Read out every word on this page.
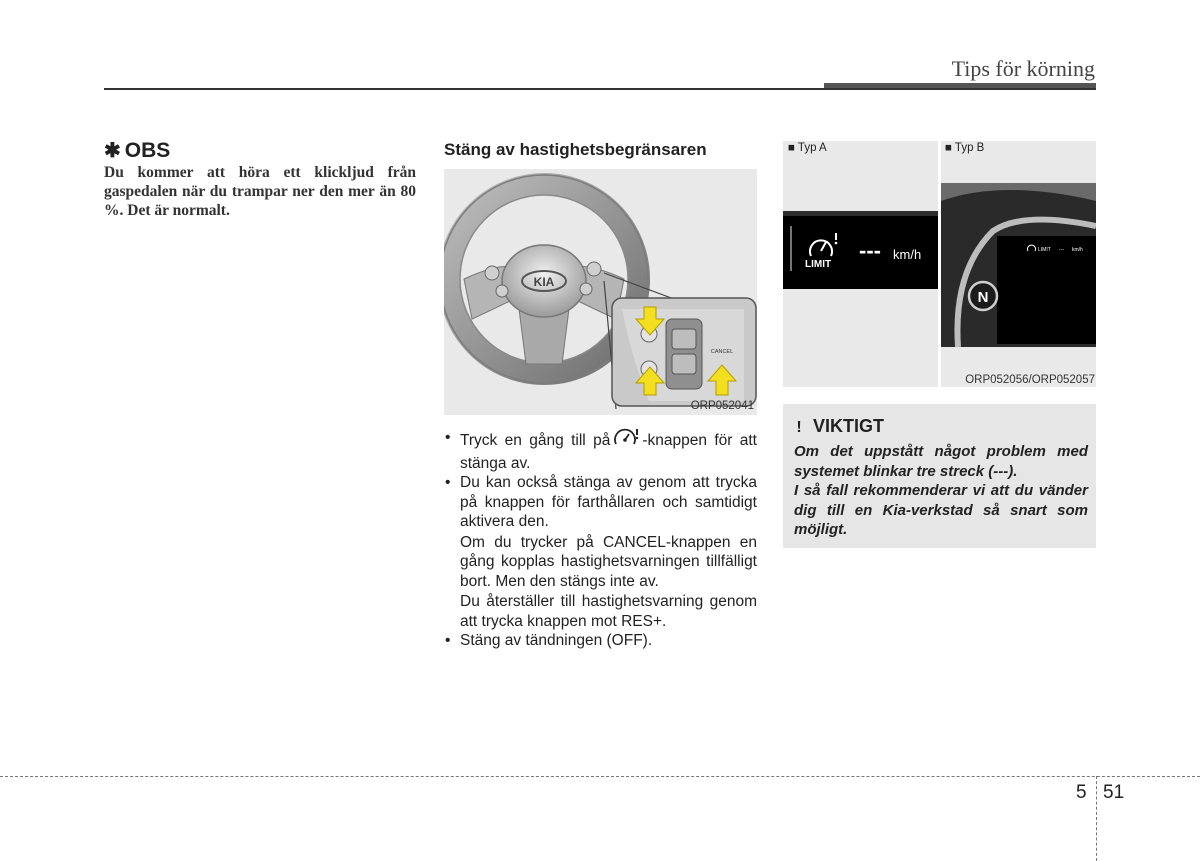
Tips för körning
✱ OBS
Du kommer att höra ett klickljud från gaspedalen när du trampar ner den mer än 80 %. Det är normalt.
Stäng av hastighetsbegränsaren
KIA
CANCEL
ORP052041
• Tryck en gång till på -knappen för att stänga av.
• Du kan också stänga av genom att trycka på knappen för farthållaren och samtidigt aktivera den.
Om du trycker på CANCEL-knappen en gång kopplas hastighetsvarningen tillfälligt bort. Men den stängs inte av.
Du återställer till hastighetsvarning genom att trycka knappen mot RES+.
• Stäng av tändningen (OFF).
■ Typ A	■ Typ B
LIMIT
--- km/h
N
LIMIT --- km/h
ORP052056/ORP052057
! VIKTIGT
Om det uppstått något problem med systemet blinkar tre streck (---).
I så fall rekommenderar vi att du vänder dig till en Kia-verkstad så snart som möjligt.
5 51
